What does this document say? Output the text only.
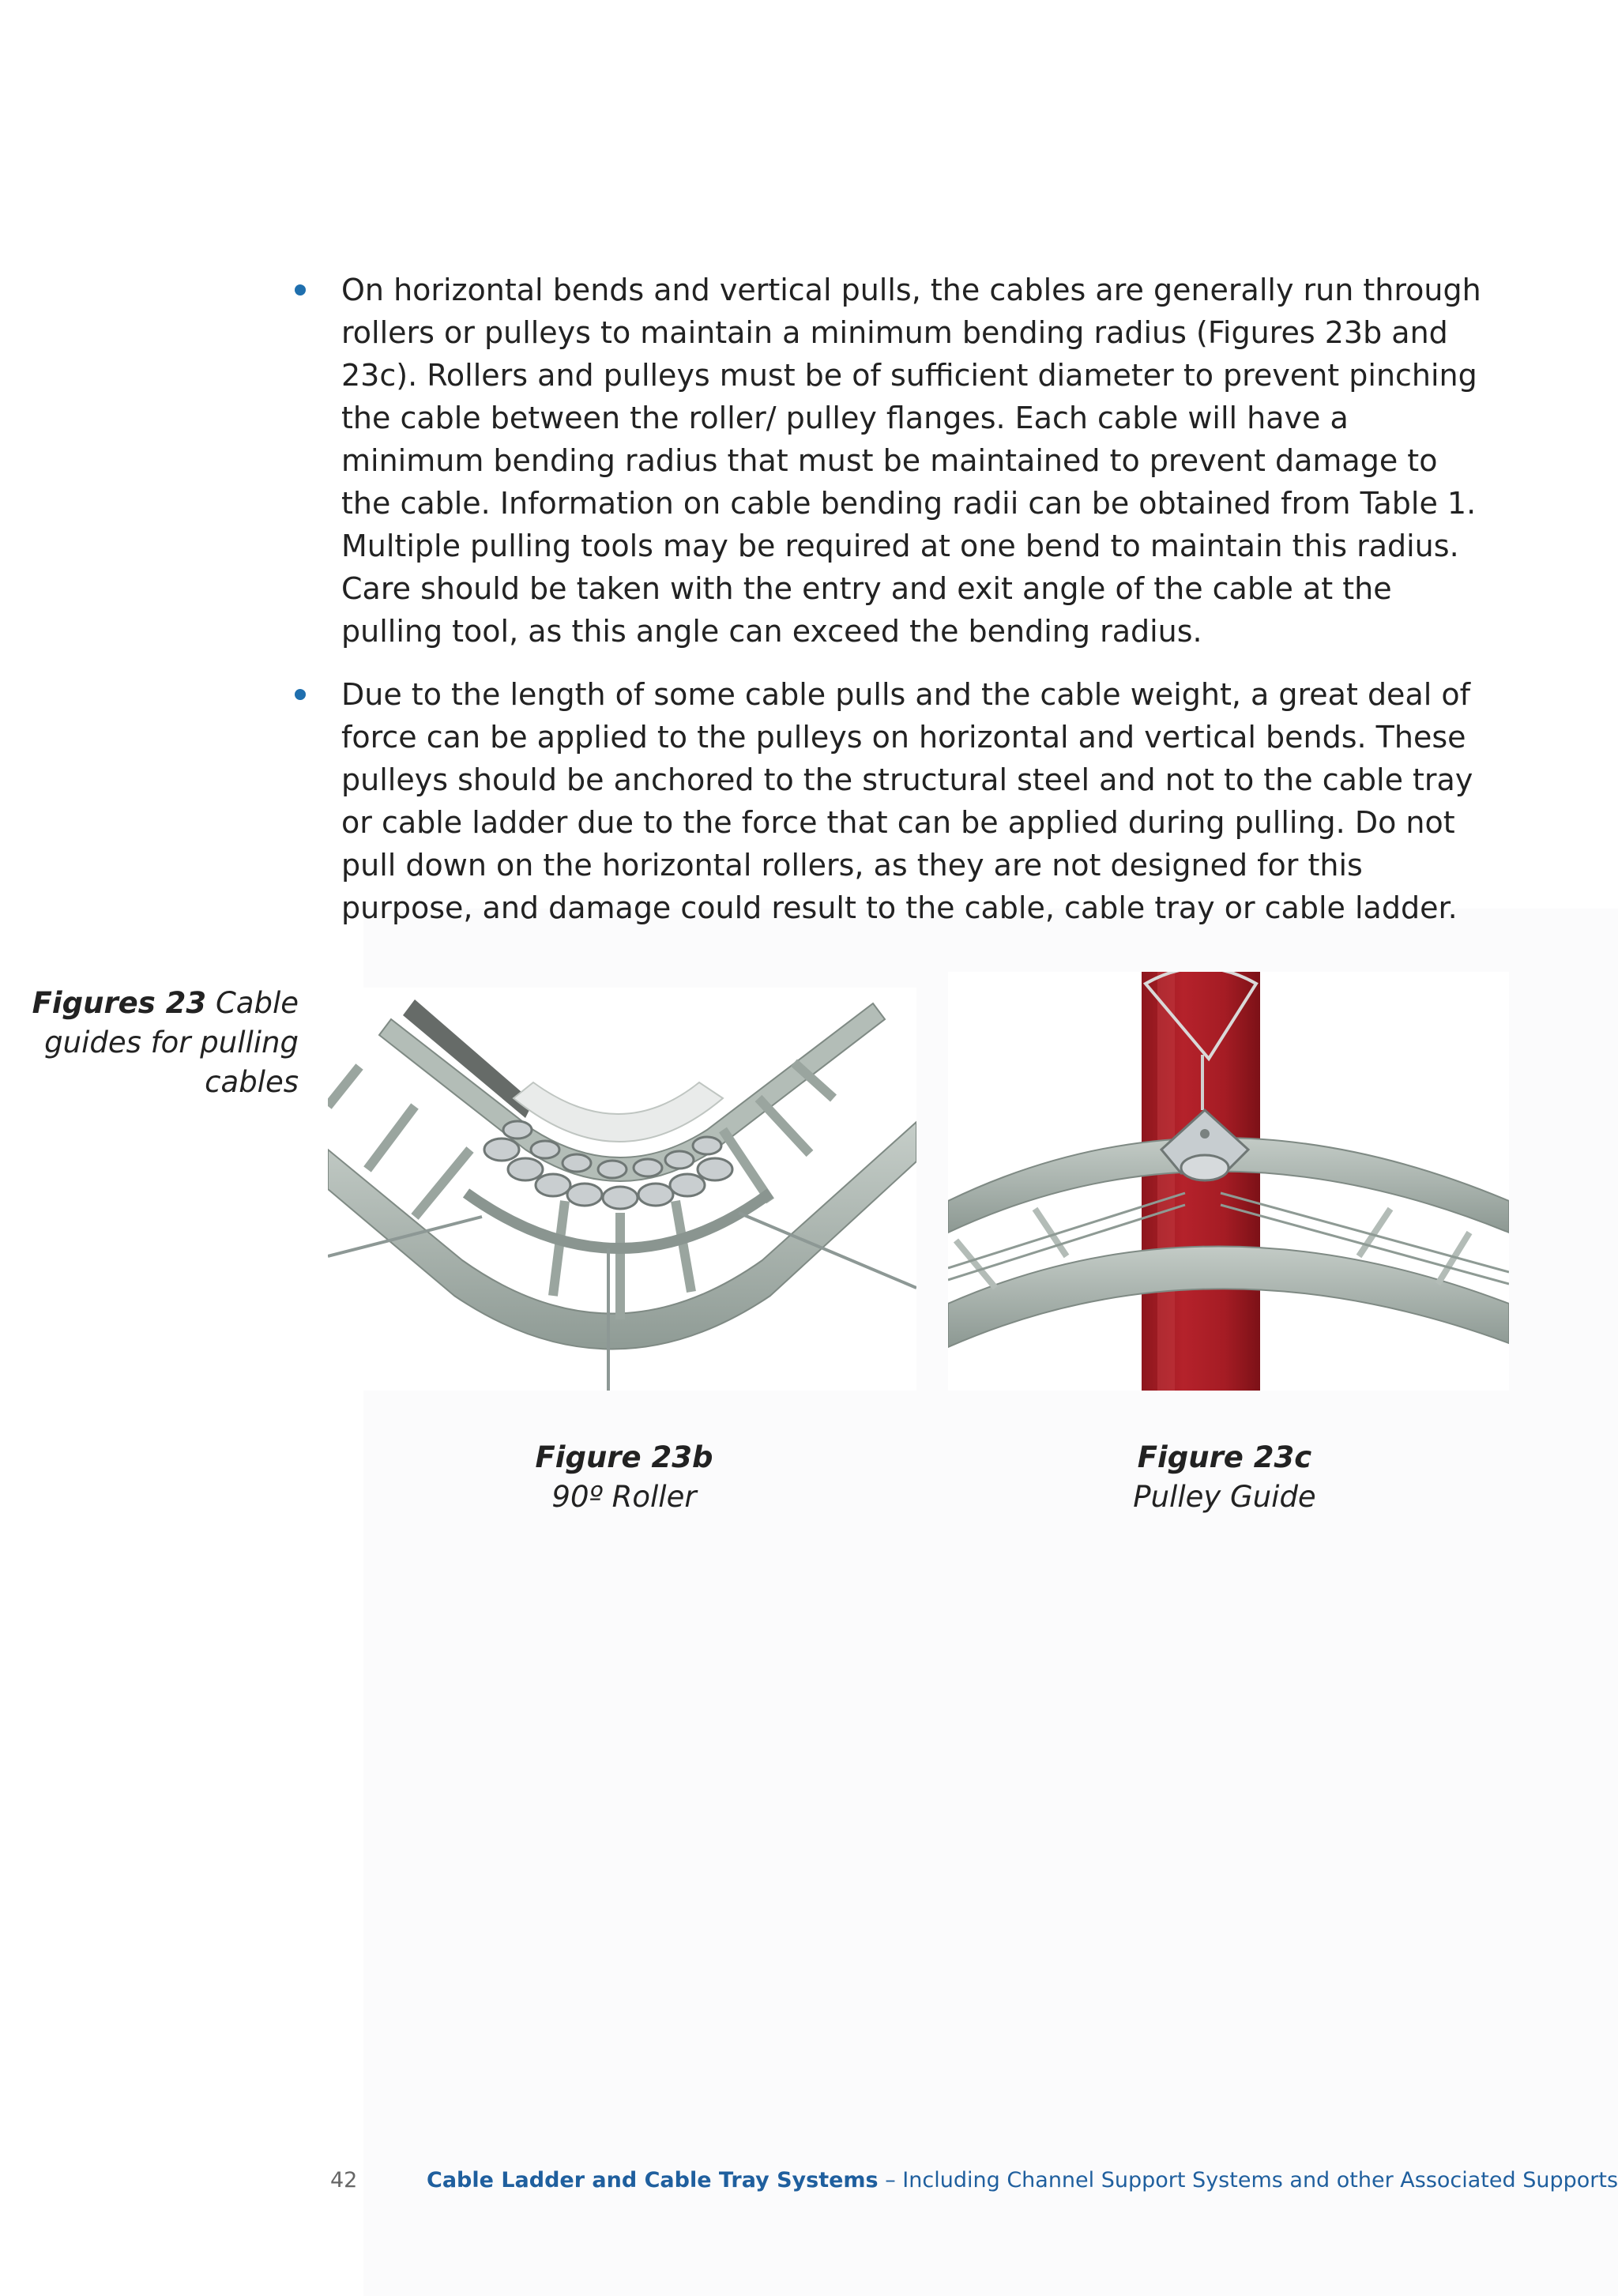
On horizontal bends and vertical pulls, the cables are generally run through rollers or pulleys to maintain a minimum bending radius (Figures 23b and 23c). Rollers and pulleys must be of sufficient diameter to prevent pinching the cable between the roller/ pulley flanges. Each cable will have a minimum bending radius that must be maintained to prevent damage to the cable. Information on cable bending radii can be obtained from Table 1. Multiple pulling tools may be required at one bend to maintain this radius. Care should be taken with the entry and exit angle of the cable at the pulling tool, as this angle can exceed the bending radius.
Due to the length of some cable pulls and the cable weight, a great deal of force can be applied to the pulleys on horizontal and vertical bends. These pulleys should be anchored to the structural steel and not to the cable tray or cable ladder due to the force that can be applied during pulling. Do not pull down on the horizontal rollers, as they are not designed for this purpose, and damage could result to the cable, cable tray or cable ladder.
Figures 23 Cable guides for pulling cables
Figure 23b
90º Roller
Figure 23c
Pulley Guide
42	Cable Ladder and Cable Tray Systems – Including Channel Support Systems and other Associated Supports
